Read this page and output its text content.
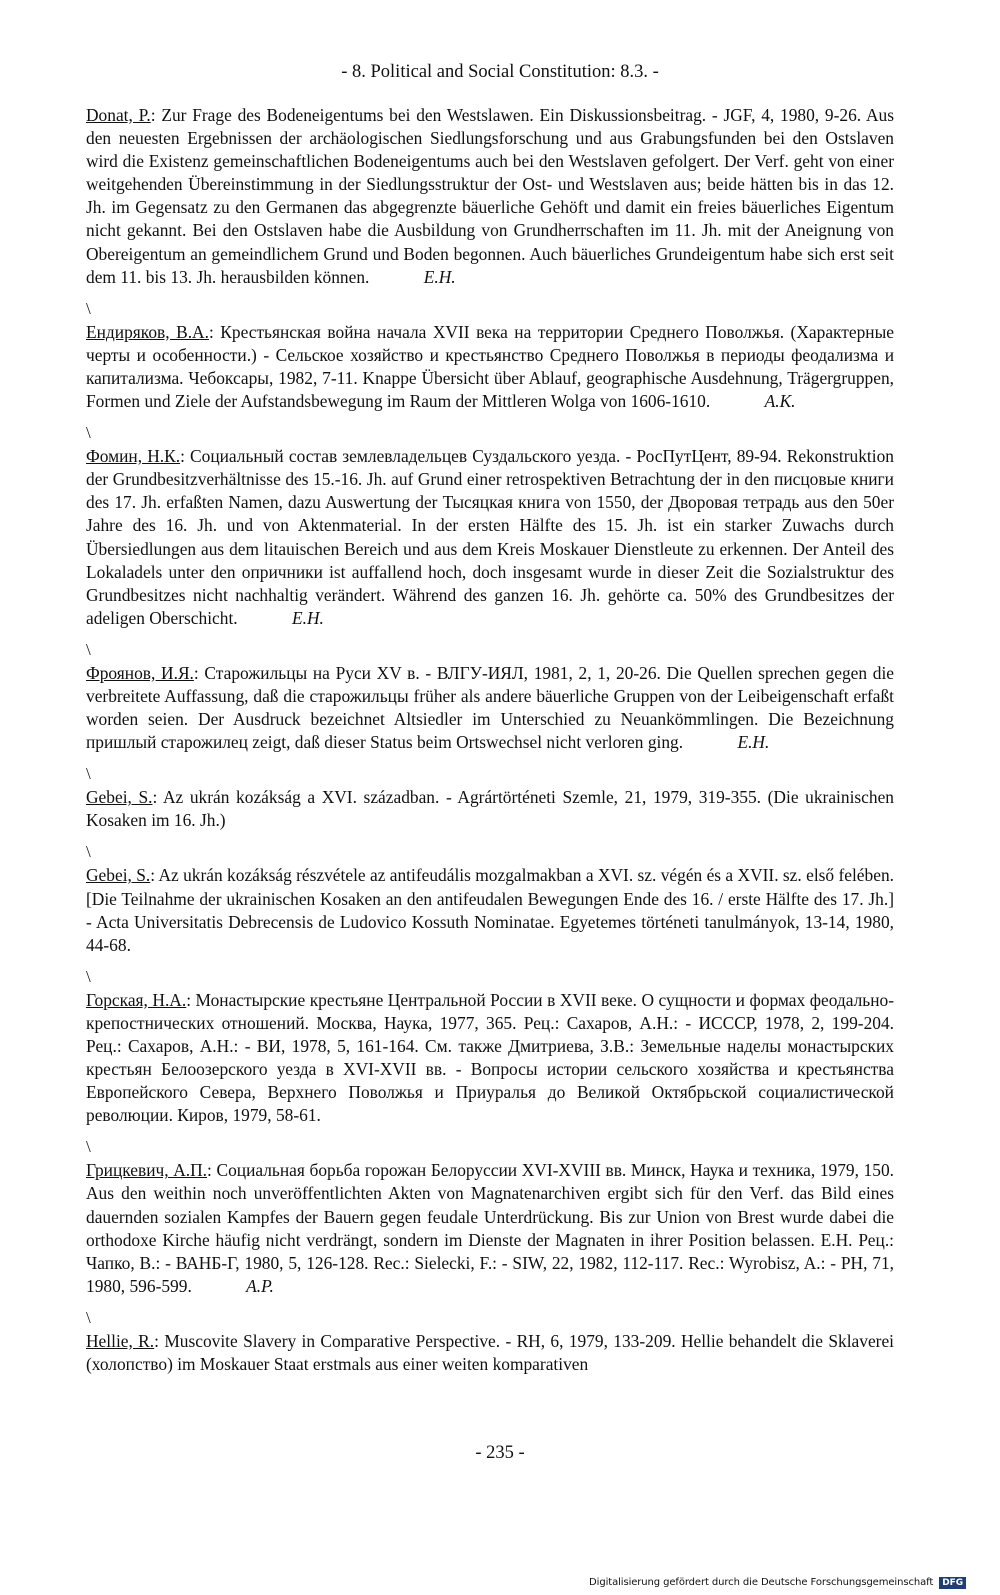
- 8. Political and Social Constitution: 8.3. -
Donat, P.: Zur Frage des Bodeneigentums bei den Westslawen. Ein Diskussionsbeitrag. - JGF, 4, 1980, 9-26. Aus den neuesten Ergebnissen der archäologischen Siedlungsforschung und aus Grabungsfunden bei den Ostslaven wird die Existenz gemeinschaftlichen Bodeneigentums auch bei den Westslaven gefolgert. Der Verf. geht von einer weitgehenden Übereinstimmung in der Siedlungsstruktur der Ost- und Westslaven aus; beide hätten bis in das 12. Jh. im Gegensatz zu den Germanen das abgegrenzte bäuerliche Gehöft und damit ein freies bäuerliches Eigentum nicht gekannt. Bei den Ostslaven habe die Ausbildung von Grundherrschaften im 11. Jh. mit der Aneignung von Obereigentum an gemeindlichem Grund und Boden begonnen. Auch bäuerliches Grundeigentum habe sich erst seit dem 11. bis 13. Jh. herausbilden können.	E.H.
\
Ендиряков, В.А.: Крестьянская война начала XVII века на территории Среднего Поволжья. (Характерные черты и особенности.) - Сельское хозяйство и крестьянство Среднего Поволжья в периоды феодализма и капитализма. Чебоксары, 1982, 7-11. Knappe Übersicht über Ablauf, geographische Ausdehnung, Trägergruppen, Formen und Ziele der Aufstandsbewegung im Raum der Mittleren Wolga von 1606-1610.	A.K.
\
Фомин, Н.К.: Социальный состав землевладельцев Суздальского уезда. - РосПутЦент, 89-94. Rekonstruktion der Grundbesitzverhältnisse des 15.-16. Jh. auf Grund einer retrospektiven Betrachtung der in den писцовые книги des 17. Jh. erfaßten Namen, dazu Auswertung der Тысяцкая книга von 1550, der Дворовая тетрадь aus den 50er Jahre des 16. Jh. und von Aktenmaterial. In der ersten Hälfte des 15. Jh. ist ein starker Zuwachs durch Übersiedlungen aus dem litauischen Bereich und aus dem Kreis Moskauer Dienstleute zu erkennen. Der Anteil des Lokaladels unter den опричники ist auffallend hoch, doch insgesamt wurde in dieser Zeit die Sozialstruktur des Grundbesitzes nicht nachhaltig verändert. Während des ganzen 16. Jh. gehörte ca. 50% des Grundbesitzes der adeligen Oberschicht.	E.H.
\
Фроянов, И.Я.: Старожильцы на Руси XV в. - ВЛГУ-ИЯЛ, 1981, 2, 1, 20-26. Die Quellen sprechen gegen die verbreitete Auffassung, daß die старожильцы früher als andere bäuerliche Gruppen von der Leibeigenschaft erfaßt worden seien. Der Ausdruck bezeichnet Altsiedler im Unterschied zu Neuankömmlingen. Die Bezeichnung пришлый старожилец zeigt, daß dieser Status beim Ortswechsel nicht verloren ging.	E.H.
\
Gebei, S.: Az ukrán kozákság a XVI. században. - Agrártörténeti Szemle, 21, 1979, 319-355. (Die ukrainischen Kosaken im 16. Jh.)
\
Gebei, S.: Az ukrán kozákság részvétele az antifeudális mozgalmakban a XVI. sz. végén és a XVII. sz. első felében. [Die Teilnahme der ukrainischen Kosaken an den antifeudalen Bewegungen Ende des 16. / erste Hälfte des 17. Jh.] - Acta Universitatis Debrecensis de Ludovico Kossuth Nominatae. Egyetemes történeti tanulmányok, 13-14, 1980, 44-68.
\
Горская, Н.А.: Монастырские крестьяне Центральной России в XVII веке. О сущности и формах феодально-крепостнических отношений. Москва, Наука, 1977, 365. Рец.: Сахаров, А.Н.: - ИСССР, 1978, 2, 199-204. Рец.: Сахаров, А.Н.: - ВИ, 1978, 5, 161-164. См. также Дмитриева, З.В.: Земельные наделы монастырских крестьян Белоозерского уезда в XVI-XVII вв. - Вопросы истории сельского хозяйства и крестьянства Европейского Севера, Верхнего Поволжья и Приуралья до Великой Октябрьской социалистической революции. Киров, 1979, 58-61.
\
Грицкевич, А.П.: Социальная борьба горожан Белоруссии XVI-XVIII вв. Минск, Наука и техника, 1979, 150. Aus den weithin noch unveröffentlichten Akten von Magnatenarchiven ergibt sich für den Verf. das Bild eines dauernden sozialen Kampfes der Bauern gegen feudale Unterdrückung. Bis zur Union von Brest wurde dabei die orthodoxe Kirche häufig nicht verdrängt, sondern im Dienste der Magnaten in ihrer Position belassen. E.H. Рец.: Чапко, В.: - ВАНБ-Г, 1980, 5, 126-128. Rec.: Sielecki, F.: - SIW, 22, 1982, 112-117. Rec.: Wyrobisz, A.: - PH, 71, 1980, 596-599.	A.P.
\
Hellie, R.: Muscovite Slavery in Comparative Perspective. - RH, 6, 1979, 133-209. Hellie behandelt die Sklaverei (холопство) im Moskauer Staat erstmals aus einer weiten komparativen
- 235 -
Digitalisierung gefördert durch die Deutsche Forschungsgemeinschaft DFG
